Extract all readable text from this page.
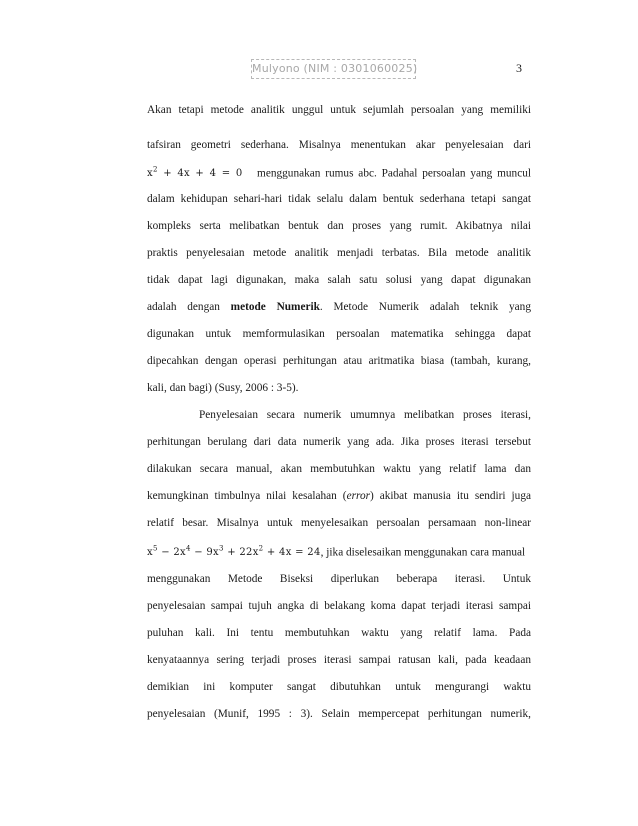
Mulyono (NIM : 0301060025)	3
Akan tetapi metode analitik unggul untuk sejumlah persoalan yang memiliki
tafsiran geometri sederhana. Misalnya menentukan akar penyelesaian dari
$x^2 + 4x + 4 = 0$ menggunakan rumus abc. Padahal persoalan yang muncul
dalam kehidupan sehari-hari tidak selalu dalam bentuk sederhana tetapi sangat
kompleks serta melibatkan bentuk dan proses yang rumit. Akibatnya nilai
praktis penyelesaian metode analitik menjadi terbatas. Bila metode analitik
tidak dapat lagi digunakan, maka salah satu solusi yang dapat digunakan
adalah dengan metode Numerik. Metode Numerik adalah teknik yang
digunakan untuk memformulasikan persoalan matematika sehingga dapat
dipecahkan dengan operasi perhitungan atau aritmatika biasa (tambah, kurang,
kali, dan bagi) (Susy, 2006 : 3-5).
Penyelesaian secara numerik umumnya melibatkan proses iterasi,
perhitungan berulang dari data numerik yang ada. Jika proses iterasi tersebut
dilakukan secara manual, akan membutuhkan waktu yang relatif lama dan
kemungkinan timbulnya nilai kesalahan (error) akibat manusia itu sendiri juga
relatif besar. Misalnya untuk menyelesaikan persoalan persamaan non-linear
$x^5 - 2x^4 - 9x^3 + 22x^2 + 4x = 24$, jika diselesaikan menggunakan cara manual
menggunakan Metode Biseksi diperlukan beberapa iterasi. Untuk
penyelesaian sampai tujuh angka di belakang koma dapat terjadi iterasi sampai
puluhan kali. Ini tentu membutuhkan waktu yang relatif lama. Pada
kenyataannya sering terjadi proses iterasi sampai ratusan kali, pada keadaan
demikian ini komputer sangat dibutuhkan untuk mengurangi waktu
penyelesaian (Munif, 1995 : 3). Selain mempercepat perhitungan numerik,
